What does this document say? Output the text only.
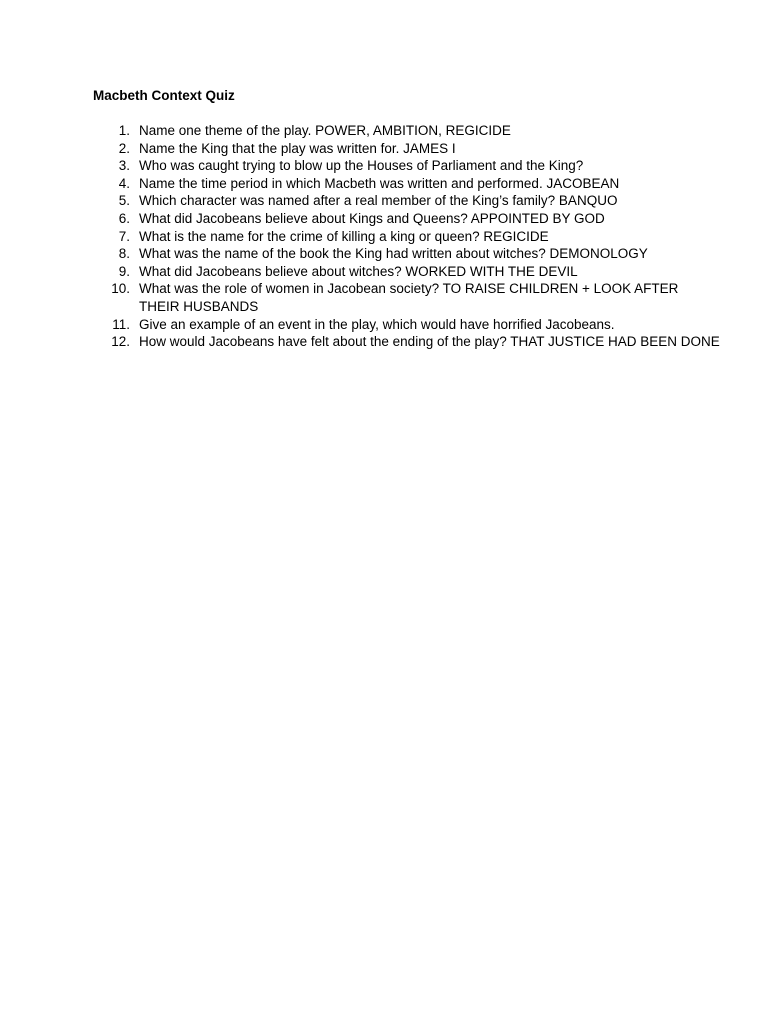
Macbeth Context Quiz
1. Name one theme of the play. POWER, AMBITION, REGICIDE
2. Name the King that the play was written for. JAMES I
3. Who was caught trying to blow up the Houses of Parliament and the King?
4. Name the time period in which Macbeth was written and performed. JACOBEAN
5. Which character was named after a real member of the King’s family? BANQUO
6. What did Jacobeans believe about Kings and Queens? APPOINTED BY GOD
7. What is the name for the crime of killing a king or queen? REGICIDE
8. What was the name of the book the King had written about witches? DEMONOLOGY
9. What did Jacobeans believe about witches? WORKED WITH THE DEVIL
10. What was the role of women in Jacobean society? TO RAISE CHILDREN + LOOK AFTER THEIR HUSBANDS
11. Give an example of an event in the play, which would have horrified Jacobeans.
12. How would Jacobeans have felt about the ending of the play? THAT JUSTICE HAD BEEN DONE
